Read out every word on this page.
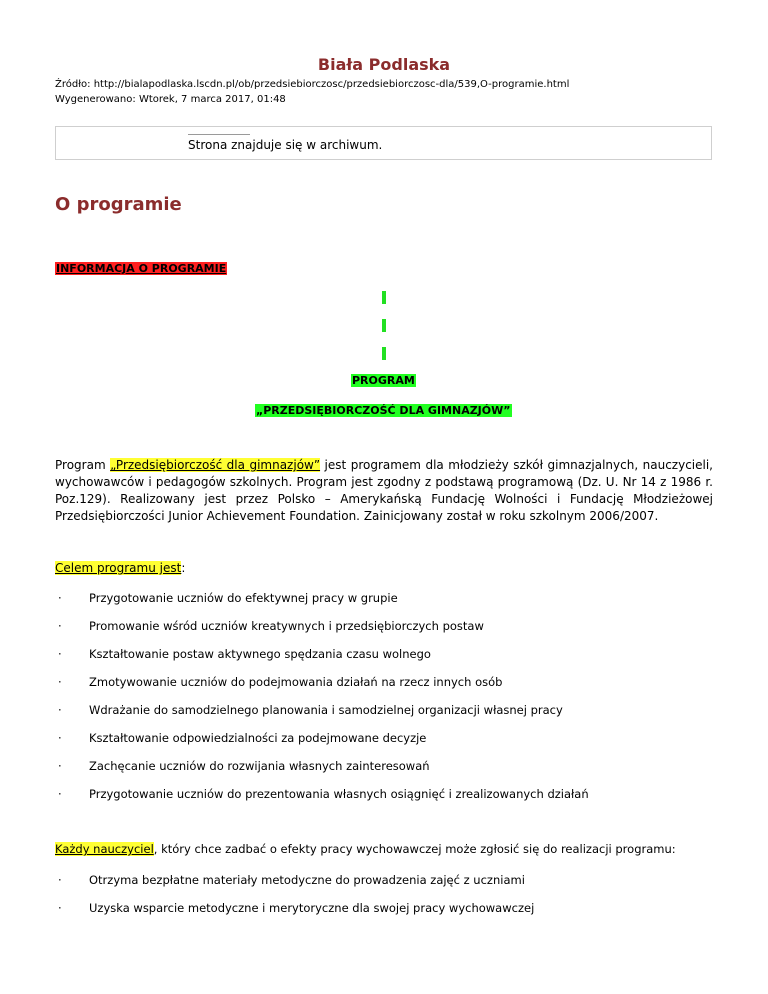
Biała Podlaska
Źródło: http://bialapodlaska.lscdn.pl/ob/przedsiebiorczosc/przedsiebiorczosc-dla/539,O-programie.html
Wygenerowano: Wtorek, 7 marca 2017, 01:48
Strona znajduje się w archiwum.
O programie
INFORMACJA O PROGRAMIE
PROGRAM
„PRZEDSIĘBIORCZOŚĆ DLA GIMNAZJÓW”

Program „Przedsiębiorczość dla gimnazjów” jest programem dla młodzieży szkół gimnazjalnych, nauczycieli, wychowawców i pedagogów szkolnych. Program jest zgodny z podstawą programową (Dz. U. Nr 14 z 1986 r. Poz.129). Realizowany jest przez Polsko – Amerykańską Fundację Wolności i Fundację Młodzieżowej Przedsiębiorczości Junior Achievement Foundation. Zainicjowany został w roku szkolnym 2006/2007.

Celem programu jest:
· Przygotowanie uczniów do efektywnej pracy w grupie
· Promowanie wśród uczniów kreatywnych i przedsiębiorczych postaw
· Kształtowanie postaw aktywnego spędzania czasu wolnego
· Zmotywowanie uczniów do podejmowania działań na rzecz innych osób
· Wdrażanie do samodzielnego planowania i samodzielnej organizacji własnej pracy
· Kształtowanie odpowiedzialności za podejmowane decyzje
· Zachęcanie uczniów do rozwijania własnych zainteresowań
· Przygotowanie uczniów do prezentowania własnych osiągnięć i zrealizowanych działań
Każdy nauczyciel, który chce zadbać o efekty pracy wychowawczej może zgłosić się do realizacji programu:
· Otrzyma bezpłatne materiały metodyczne do prowadzenia zajęć z uczniami
· Uzyska wsparcie metodyczne i merytoryczne dla swojej pracy wychowawczej
